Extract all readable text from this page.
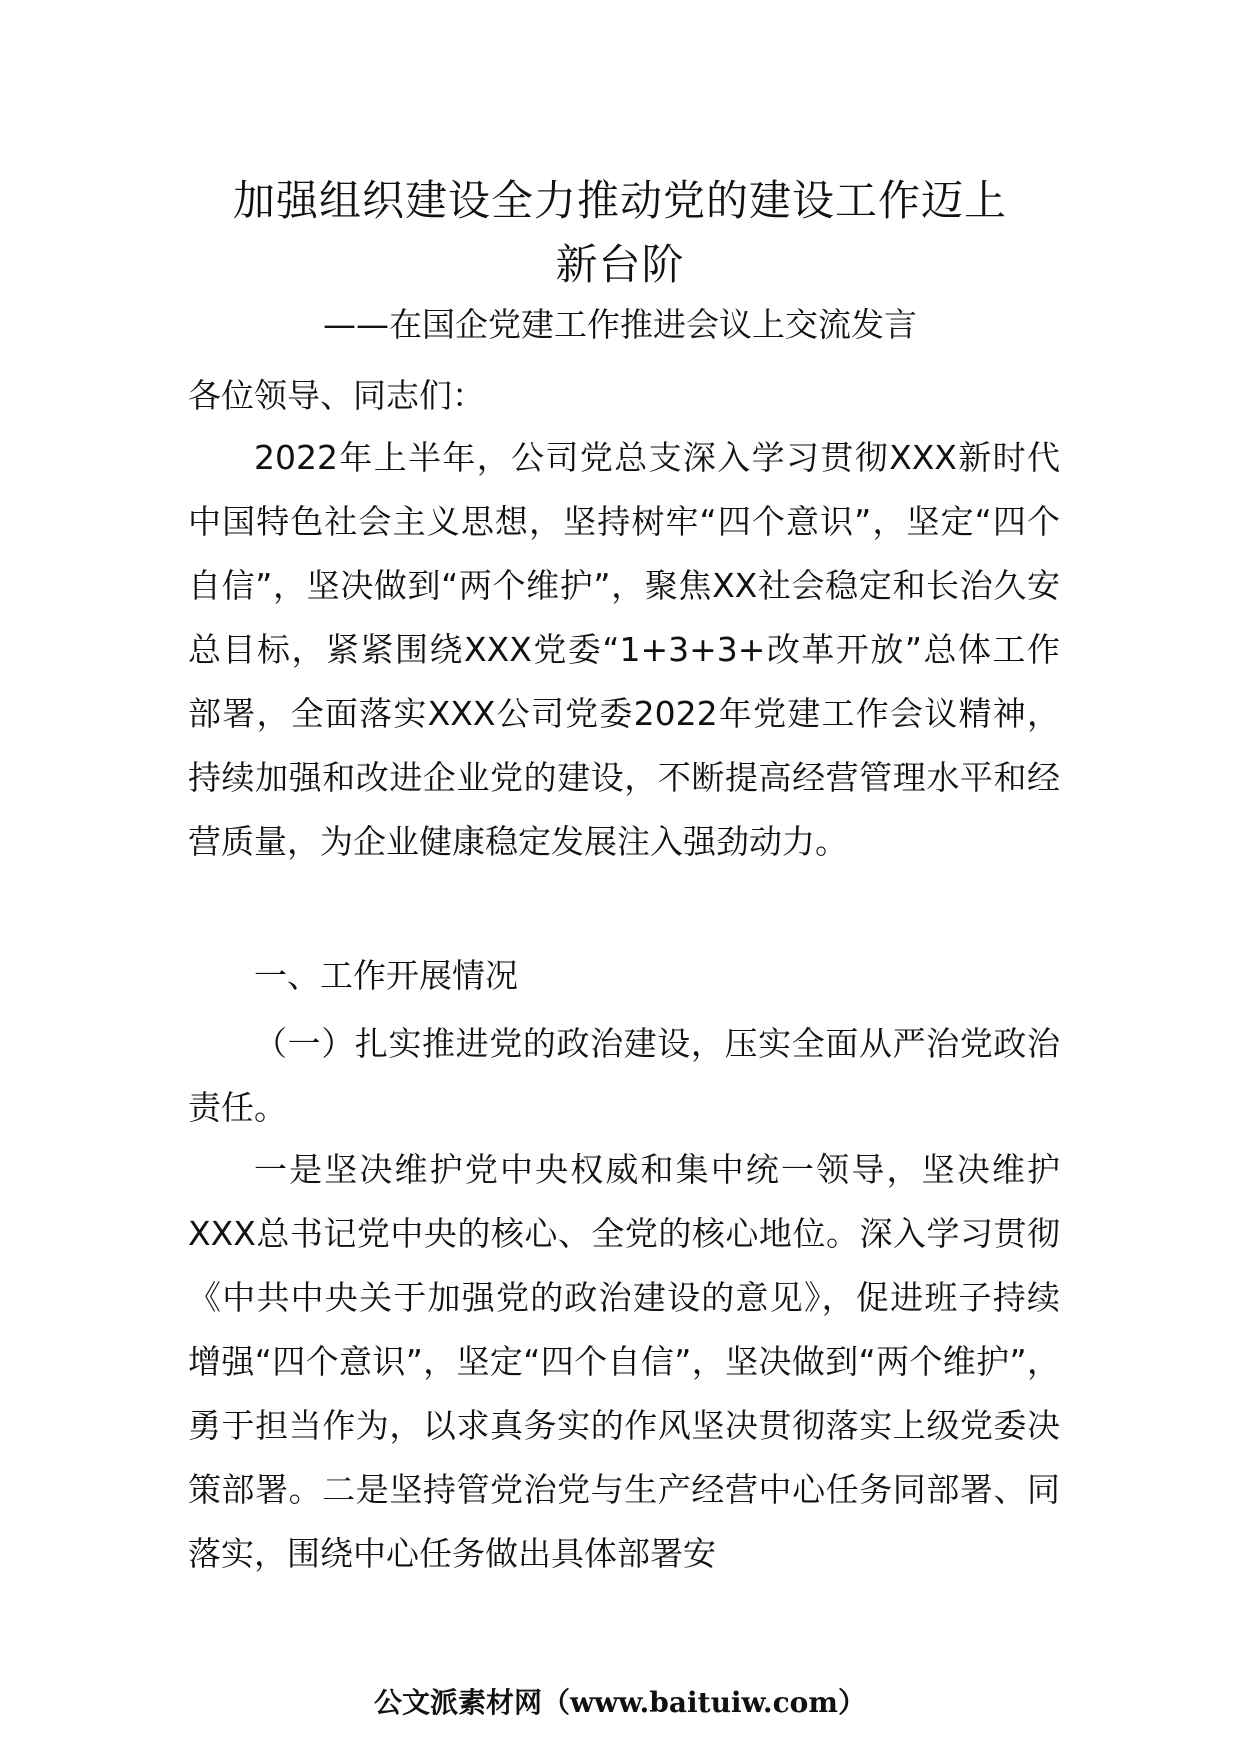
加强组织建设全力推动党的建设工作迈上
新台阶

——在国企党建工作推进会议上交流发言

各位领导、同志们：

2022年上半年，公司党总支深入学习贯彻XXX新时代中国特色社会主义思想，坚持树牢“四个意识”，坚定“四个自信”，坚决做到“两个维护”，聚焦XX社会稳定和长治久安总目标，紧紧围绕XXX党委“1+3+3+改革开放”总体工作部署，全面落实XXX公司党委2022年党建工作会议精神，持续加强和改进企业党的建设，不断提高经营管理水平和经营质量，为企业健康稳定发展注入强劲动力。

一、工作开展情况

（一）扎实推进党的政治建设，压实全面从严治党政治责任。

一是坚决维护党中央权威和集中统一领导，坚决维护XXX总书记党中央的核心、全党的核心地位。深入学习贯彻《中共中央关于加强党的政治建设的意见》，促进班子持续增强“四个意识”，坚定“四个自信”，坚决做到“两个维护”，勇于担当作为，以求真务实的作风坚决贯彻落实上级党委决策部署。二是坚持管党治党与生产经营中心任务同部署、同落实，围绕中心任务做出具体部署安

公文派素材网（www.baituiw.com）
